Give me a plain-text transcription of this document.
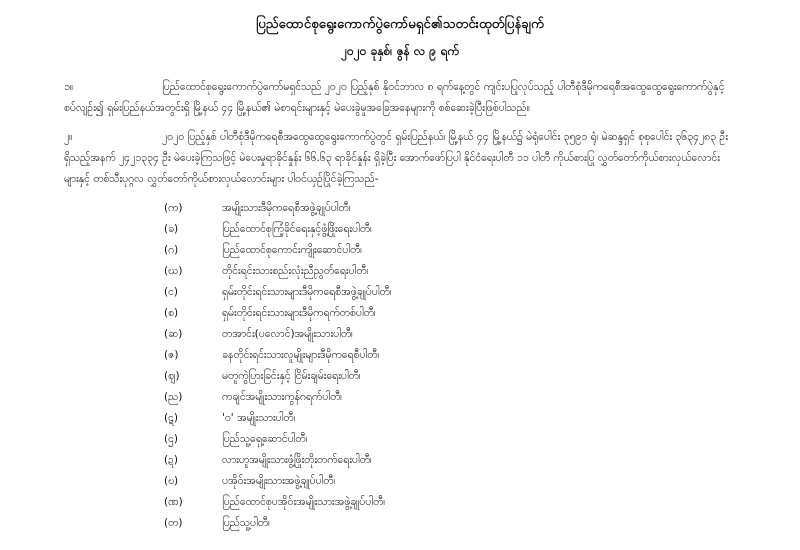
ပြည်ထောင်စုရွေးကောက်ပွဲကော်မရှင်၏သတင်းထုတ်ပြန်ချက်
၂၀၂၀ ခုနှစ်၊ ဇွန် လ ၉ ရက်
၁။	ပြည်ထောင်စုရွေးကောက်ပွဲကော်မရှင်သည် ၂၀၂၀ ပြည့်နှစ် နိုဝင်ဘာလ ၈ ရက်နေ့တွင် ကျင်းပပြုလုပ်သည့် ပါတီစုံဒီမိုကရေစီအထွေထွေရွေးကောက်ပွဲနှင့်စပ်လျဉ်း၍ ရှမ်းပြည်နယ်အတွင်းရှိ မြို့နယ် ၄၄ မြို့နယ်၏ မဲစာရင်းများနှင့် မဲပေးခွဲမှုအခြေအနေများကို စစ်ဆေးခဲ့ပြီးဖြစ်ပါသည်။
၂။	၂၀၂၀ ပြည့်နှစ် ပါတီစုံဒီမိုကရေစီအထွေထွေရွေးကောက်ပွဲတွင် ရှမ်းပြည်နယ်၊ မြို့နယ် ၄၄ မြို့နယ်၌ မဲရုံပေါင်း ၃၅၉၁ ရုံ၊ မဲဆန္ဒရှင် စုစုပေါင်း ၃၆၃၄၂၈၃ ဦး ရှိသည့်အနက် ၂၄၂၁၃၃၄ ဦး မဲပေးခဲ့ကြသဖြင့် မဲပေးမှုရာခိုင်နှုန်း ၆၆.၆၃ ရာခိုင်နှုန်း ရှိခဲ့ပြီး အောက်ဖော်ပြပါ နိုင်ငံရေးပါတီ ၁၁ ပါတီ ကိုယ်စားပြု လွှတ်တော်ကိုယ်စားလှယ်လောင်းများနှင့် တစ်သီးပုဂ္ဂလ လွှတ်တော်ကိုယ်စားလှယ်လောင်းများ ပါဝင်ယှဉ်ပြိုင်ခဲ့ကြသည်-
(က)	အမျိုးသားဒီမိုကရေစီအဖွဲ့ချုပ်ပါတီ၊
(ခ)	ပြည်ထောင်စုကြံ့ခိုင်ရေးနှင့်ဖွံ့ဖြိုးရေးပါတီ၊
(ဂ)	ပြည်ထောင်စုကောင်းကျိုးဆောင်ပါတီ၊
(ဃ)	တိုင်းရင်းသားစည်းလုံးညီညွတ်ရေးပါတီ၊
(င)	ရှမ်းတိုင်းရင်းသားများဒီမိုကရေစီအဖွဲ့ချုပ်ပါတီ၊
(စ)	ရှမ်းတိုင်းရင်းသားများဒီမိုကရက်တစ်ပါတီ၊
(ဆ)	တအာင်း(ပလောင်)အမျိုးသားပါတီ၊
(ဇ)	ခနတိုင်းရင်းသားလူမျိုးများဒီမိုကရေစီပါတီ၊
(ဈ)	မတူကွဲပြားခြင်းနှင့် ငြိမ်းချမ်းရေးပါတီ၊
(ည)	ကချင်အမျိုးသားကွန်ဂရက်ပါတီ၊
(ဋ)	'ဝ' အမျိုးသားပါတီ၊
(ဌ)	ပြည်သူ့ရှေ့ဆောင်ပါတီ၊
(ဍ)	လားဟူအမျိုးသားဖွံ့ဖြိုးတိုးတက်ရေးပါတီ၊
(ဎ)	ပအိုဝ်းအမျိုးသားအဖွဲ့ချုပ်ပါတီ၊
(ဏ)	ပြည်ထောင်စုပအိုဝ်းအမျိုးသားအဖွဲ့ချုပ်ပါတီ၊
(တ)	ပြည်သူ့ပါတီ၊
